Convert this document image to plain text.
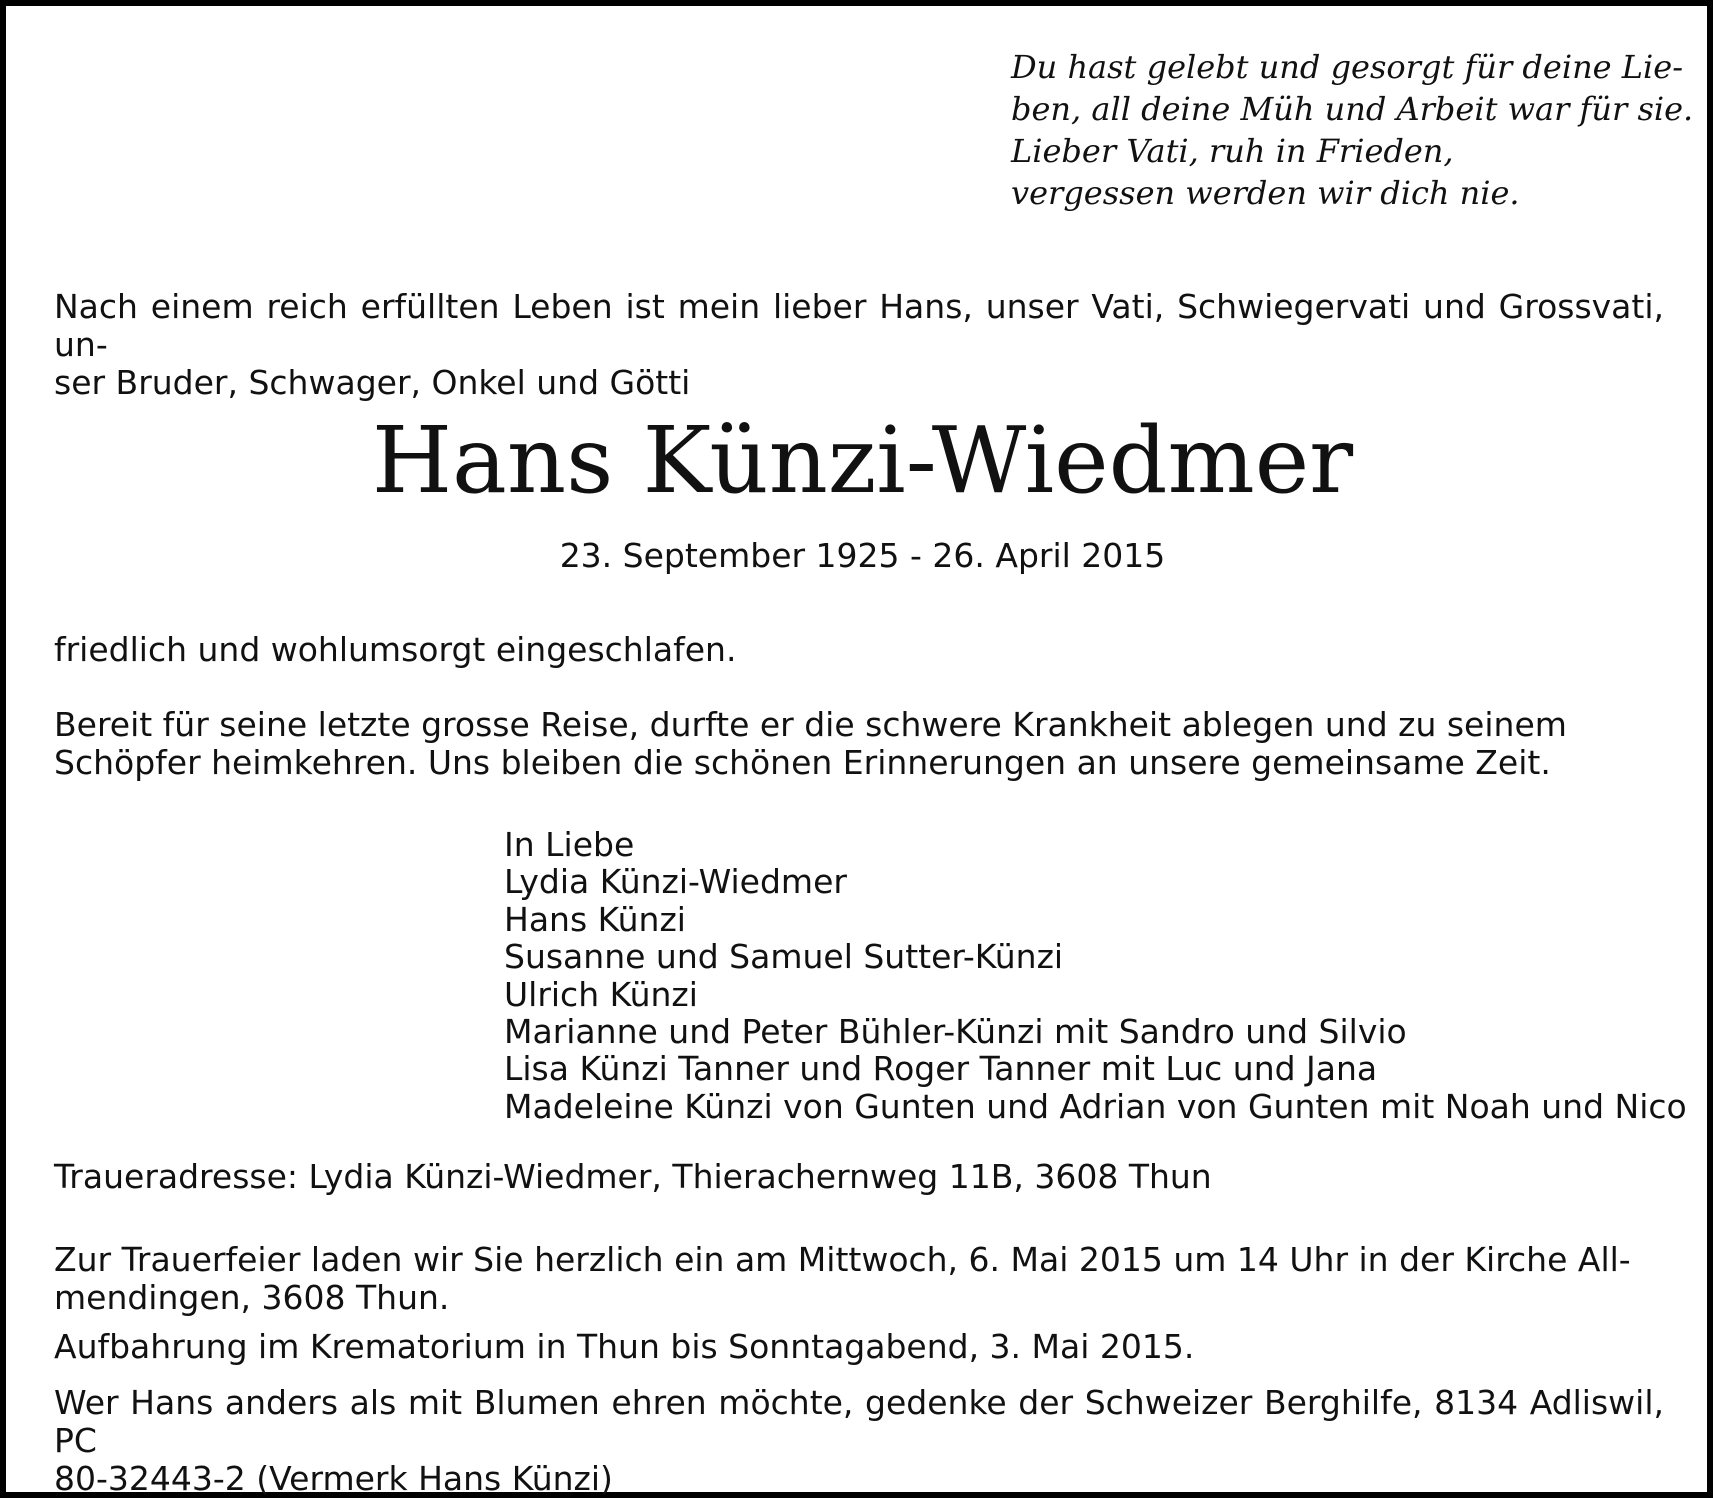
Du hast gelebt und gesorgt für deine Lie-
ben, all deine Müh und Arbeit war für sie.
Lieber Vati, ruh in Frieden,
vergessen werden wir dich nie.
Nach einem reich erfüllten Leben ist mein lieber Hans, unser Vati, Schwiegervati und Grossvati, un-
ser Bruder, Schwager, Onkel und Götti
Hans Künzi-Wiedmer
23. September 1925 - 26. April 2015
friedlich und wohlumsorgt eingeschlafen.
Bereit für seine letzte grosse Reise, durfte er die schwere Krankheit ablegen und zu seinem
Schöpfer heimkehren. Uns bleiben die schönen Erinnerungen an unsere gemeinsame Zeit.
In Liebe
Lydia Künzi-Wiedmer
Hans Künzi
Susanne und Samuel Sutter-Künzi
Ulrich Künzi
Marianne und Peter Bühler-Künzi mit Sandro und Silvio
Lisa Künzi Tanner und Roger Tanner mit Luc und Jana
Madeleine Künzi von Gunten und Adrian von Gunten mit Noah und Nico
Traueradresse: Lydia Künzi-Wiedmer, Thierachernweg 11B, 3608 Thun
Zur Trauerfeier laden wir Sie herzlich ein am Mittwoch, 6. Mai 2015 um 14 Uhr in der Kirche All-
mendingen, 3608 Thun.
Aufbahrung im Krematorium in Thun bis Sonntagabend, 3. Mai 2015.
Wer Hans anders als mit Blumen ehren möchte, gedenke der Schweizer Berghilfe, 8134 Adliswil, PC
80-32443-2 (Vermerk Hans Künzi)
